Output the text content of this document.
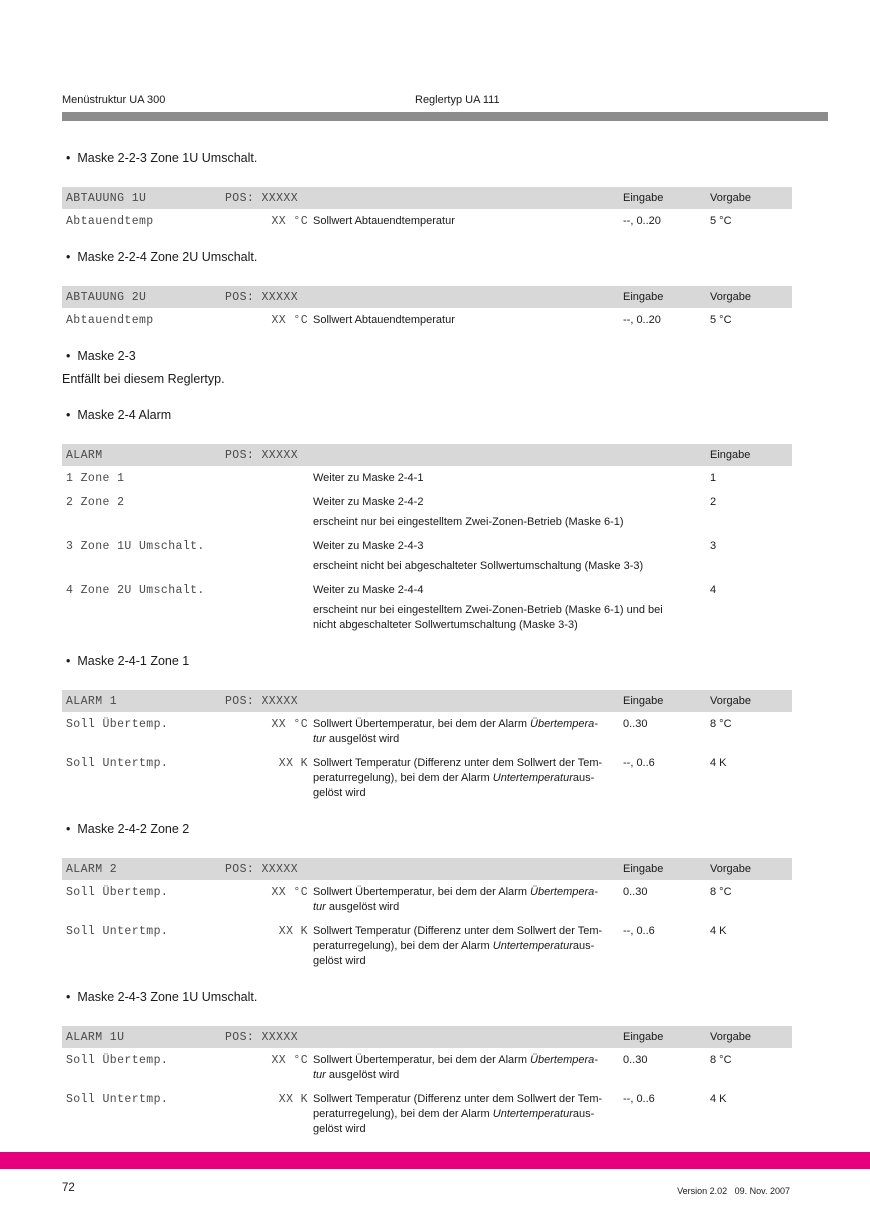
Menüstruktur UA 300	Reglertyp UA 111
• Maske 2-2-3 Zone 1U Umschalt.
ABTAUUNG 1U	POS: XXXXX	Eingabe	Vorgabe
Abtauendtemp	XX °C Sollwert Abtauendtemperatur	--, 0..20	5 °C
• Maske 2-2-4 Zone 2U Umschalt.
ABTAUUNG 2U	POS: XXXXX	Eingabe	Vorgabe
Abtauendtemp	XX °C Sollwert Abtauendtemperatur	--, 0..20	5 °C
• Maske 2-3
Entfällt bei diesem Reglertyp.
• Maske 2-4 Alarm
ALARM	POS: XXXXX	Eingabe
1 Zone 1	Weiter zu Maske 2-4-1	1
2 Zone 2	Weiter zu Maske 2-4-2
erscheint nur bei eingestelltem Zwei-Zonen-Betrieb (Maske 6-1)
2
3 Zone 1U Umschalt.	Weiter zu Maske 2-4-3
erscheint nicht bei abgeschalteter Sollwertumschaltung (Maske 3-3)
3
4 Zone 2U Umschalt.	Weiter zu Maske 2-4-4
erscheint nur bei eingestelltem Zwei-Zonen-Betrieb (Maske 6-1) und bei
nicht abgeschalteter Sollwertumschaltung (Maske 3-3)
4
• Maske 2-4-1 Zone 1
ALARM 1	POS: XXXXX	Eingabe	Vorgabe
Soll Übertemp.	XX °C Sollwert Übertemperatur, bei dem der Alarm Übertempera-
tur ausgelöst wird
0..30	8 °C
Soll Untertmp.	XX K Sollwert Temperatur (Differenz unter dem Sollwert der Tem-
peraturregelung), bei dem der Alarm Untertemperaturaus-
gelöst wird
--, 0..6	4 K
• Maske 2-4-2 Zone 2
ALARM 2	POS: XXXXX	Eingabe	Vorgabe
Soll Übertemp.	XX °C Sollwert Übertemperatur, bei dem der Alarm Übertempera-
tur ausgelöst wird
0..30	8 °C
Soll Untertmp.	XX K Sollwert Temperatur (Differenz unter dem Sollwert der Tem-
peraturregelung), bei dem der Alarm Untertemperaturaus-
gelöst wird
--, 0..6	4 K
• Maske 2-4-3 Zone 1U Umschalt.
ALARM 1U	POS: XXXXX	Eingabe	Vorgabe
Soll Übertemp.	XX °C Sollwert Übertemperatur, bei dem der Alarm Übertempera-
tur ausgelöst wird
0..30	8 °C
Soll Untertmp.	XX K Sollwert Temperatur (Differenz unter dem Sollwert der Tem-
peraturregelung), bei dem der Alarm Untertemperaturaus-
gelöst wird
--, 0..6	4 K
72	Version 2.02   09. Nov. 2007
